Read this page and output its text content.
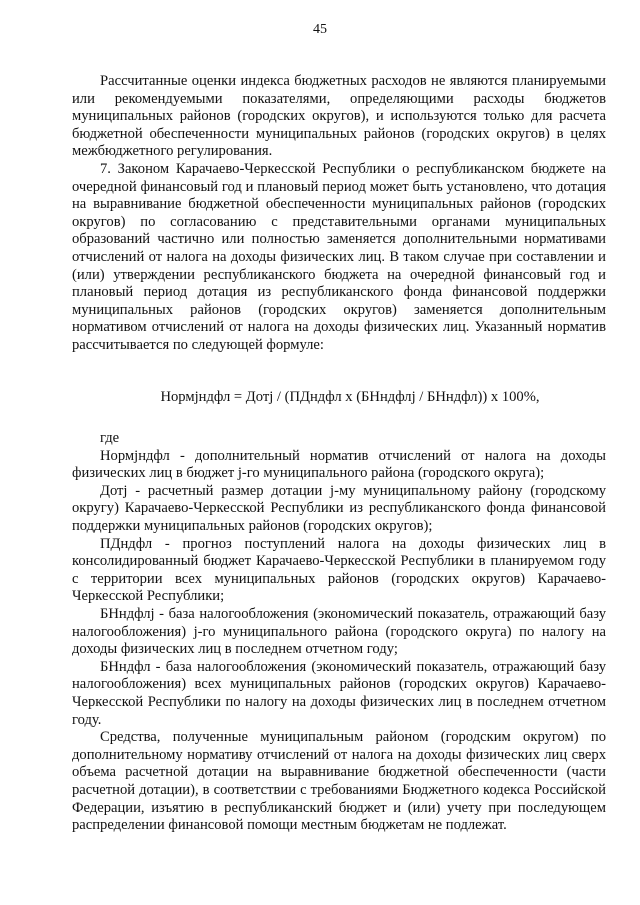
45

Рассчитанные оценки индекса бюджетных расходов не являются планируемыми или рекомендуемыми показателями, определяющими расходы бюджетов муниципальных районов (городских округов), и используются только для расчета бюджетной обеспеченности муниципальных районов (городских округов) в целях межбюджетного регулирования.

7. Законом Карачаево-Черкесской Республики о республиканском бюджете на очередной финансовый год и плановый период может быть установлено, что дотация на выравнивание бюджетной обеспеченности муниципальных районов (городских округов) по согласованию с представительными органами муниципальных образований частично или полностью заменяется дополнительными нормативами отчислений от налога на доходы физических лиц. В таком случае при составлении и (или) утверждении республиканского бюджета на очередной финансовый год и плановый период дотация из республиканского фонда финансовой поддержки муниципальных районов (городских округов) заменяется дополнительным нормативом отчислений от налога на доходы физических лиц. Указанный норматив рассчитывается по следующей формуле:

Нормjндфл = Дотj / (ПДндфл x (БНндфлj / БНндфл)) x 100%,

где

Нормjндфл - дополнительный норматив отчислений от налога на доходы физических лиц в бюджет j-го муниципального района (городского округа);

Дотj - расчетный размер дотации j-му муниципальному району (городскому округу) Карачаево-Черкесской Республики из республиканского фонда финансовой поддержки муниципальных районов (городских округов);

ПДндфл - прогноз поступлений налога на доходы физических лиц в консолидированный бюджет Карачаево-Черкесской Республики в планируемом году с территории всех муниципальных районов (городских округов) Карачаево-Черкесской Республики;

БНндфлj - база налогообложения (экономический показатель, отражающий базу налогообложения) j-го муниципального района (городского округа) по налогу на доходы физических лиц в последнем отчетном году;

БНндфл - база налогообложения (экономический показатель, отражающий базу налогообложения) всех муниципальных районов (городских округов) Карачаево-Черкесской Республики по налогу на доходы физических лиц в последнем отчетном году.

Средства, полученные муниципальным районом (городским округом) по дополнительному нормативу отчислений от налога на доходы физических лиц сверх объема расчетной дотации на выравнивание бюджетной обеспеченности (части расчетной дотации), в соответствии с требованиями Бюджетного кодекса Российской Федерации, изъятию в республиканский бюджет и (или) учету при последующем распределении финансовой помощи местным бюджетам не подлежат.
